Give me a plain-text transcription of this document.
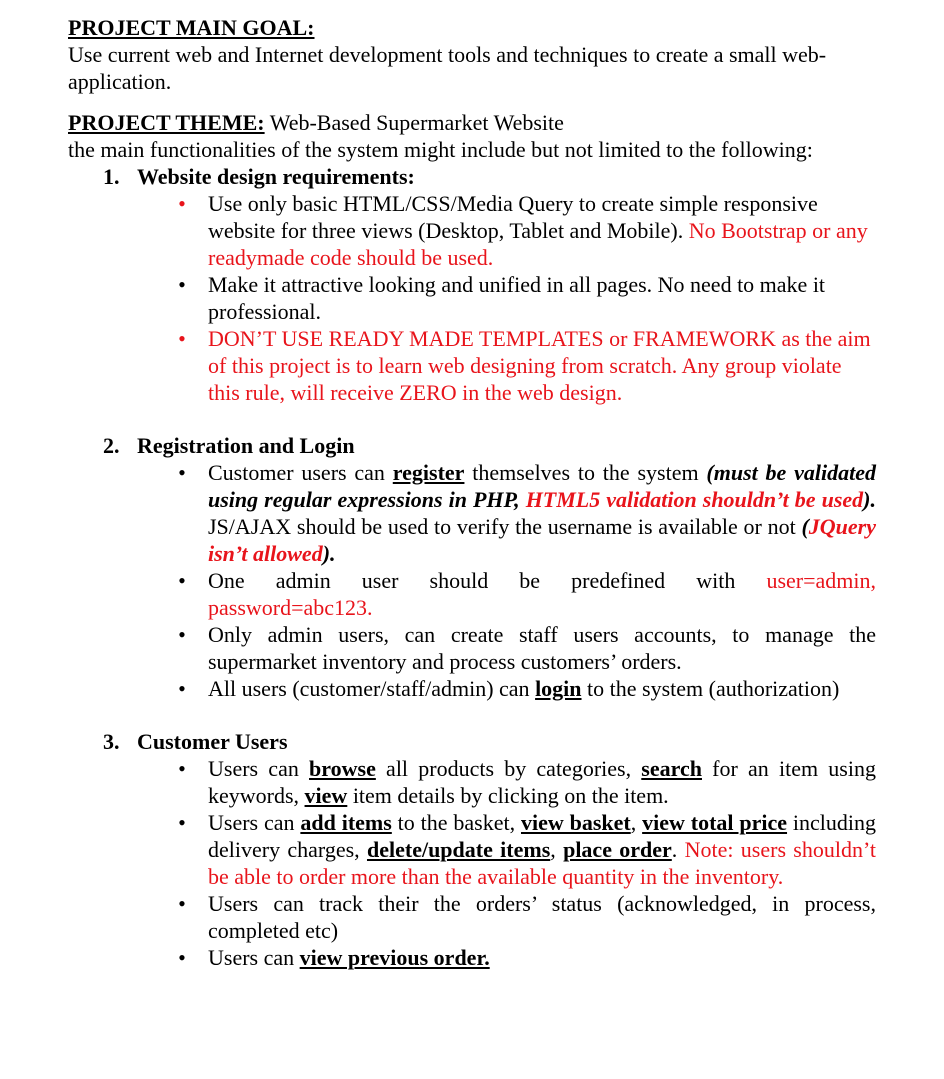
PROJECT MAIN GOAL:

Use current web and Internet development tools and techniques to create a small web-application.

PROJECT THEME: Web-Based Supermarket Website

the main functionalities of the system might include but not limited to the following:

1. Website design requirements:

• Use only basic HTML/CSS/Media Query to create simple responsive website for three views (Desktop, Tablet and Mobile). No Bootstrap or any readymade code should be used.
• Make it attractive looking and unified in all pages. No need to make it professional.
• DON’T USE READY MADE TEMPLATES or FRAMEWORK as the aim of this project is to learn web designing from scratch. Any group violate this rule, will receive ZERO in the web design.

2. Registration and Login

• Customer users can register themselves to the system (must be validated using regular expressions in PHP, HTML5 validation shouldn’t be used). JS/AJAX should be used to verify the username is available or not (JQuery isn’t allowed).
• One admin user should be predefined with user=admin, password=abc123.
• Only admin users, can create staff users accounts, to manage the supermarket inventory and process customers’ orders.
• All users (customer/staff/admin) can login to the system (authorization)

3. Customer Users

• Users can browse all products by categories, search for an item using keywords, view item details by clicking on the item.
• Users can add items to the basket, view basket, view total price including delivery charges, delete/update items, place order. Note: users shouldn’t be able to order more than the available quantity in the inventory.
• Users can track their the orders’ status (acknowledged, in process, completed etc)
• Users can view previous order.
